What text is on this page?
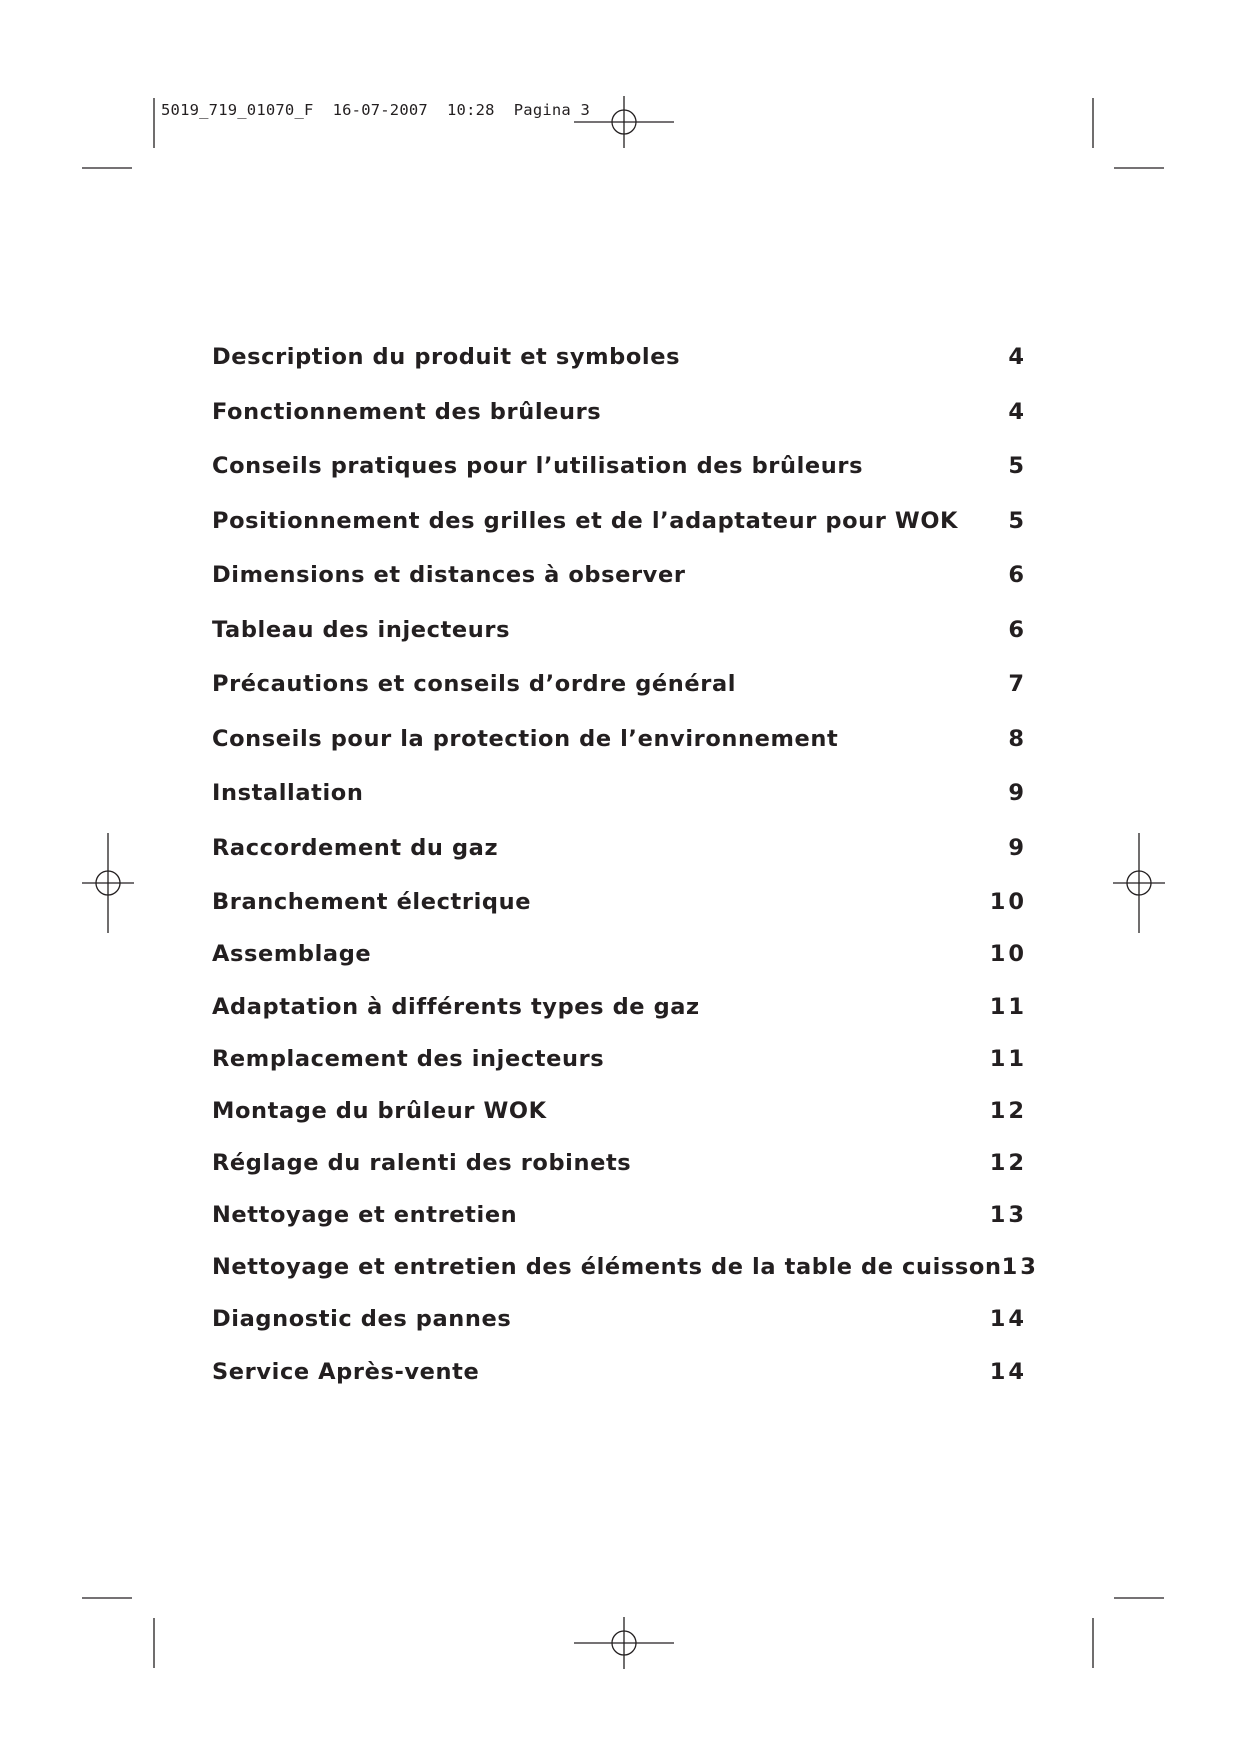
5019_719_01070_F 16-07-2007 10:28 Pagina 3
Description du produit et symboles	4
Fonctionnement des brûleurs	4
Conseils pratiques pour l’utilisation des brûleurs	5
Positionnement des grilles et de l’adaptateur pour WOK 5
Dimensions et distances à observer	6
Tableau des injecteurs	6
Précautions et conseils d’ordre général	7
Conseils pour la protection de l’environnement	8
Installation	9
Raccordement du gaz	9
Branchement électrique	10
Assemblage	10
Adaptation à différents types de gaz	11
Remplacement des injecteurs	11
Montage du brûleur WOK	12
Réglage du ralenti des robinets	12
Nettoyage et entretien	13
Nettoyage et entretien des éléments de la table de cuisson 13
Diagnostic des pannes	14
Service Après-vente	14
